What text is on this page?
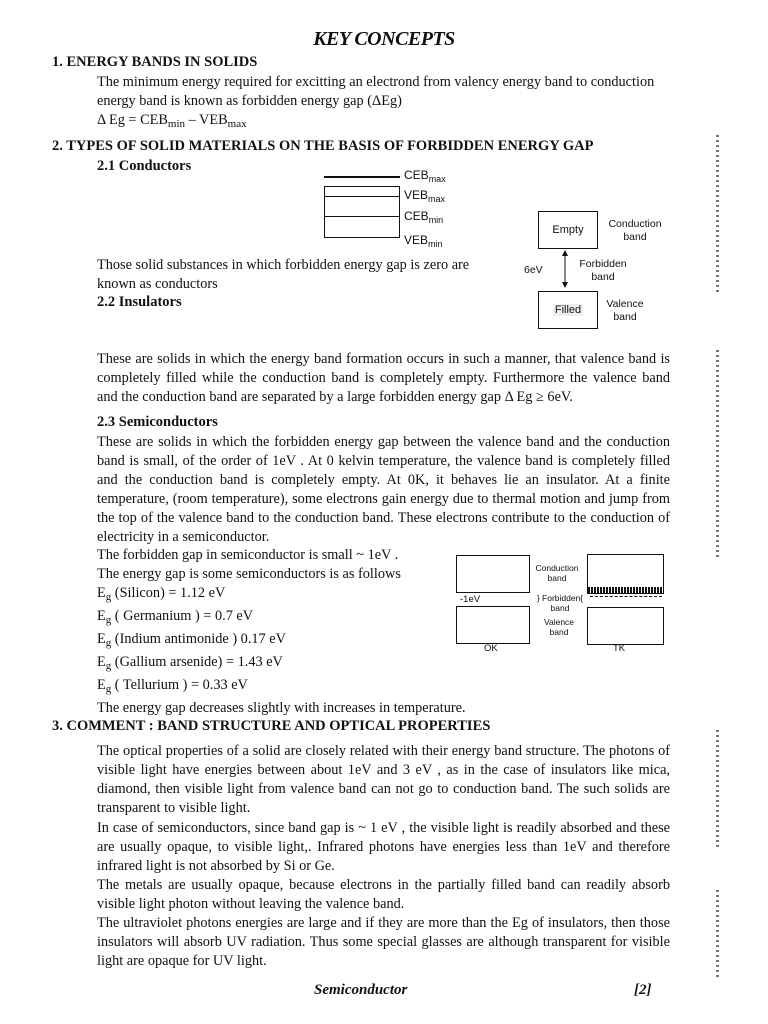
KEY CONCEPTS
1. ENERGY BANDS IN SOLIDS
The minimum energy required for excitting an electrond from valency energy band to conduction
energy band is known as forbidden energy gap (ΔEg)
Δ $Eg = CEB_{min} - VEB_{max}$
2. TYPES OF SOLID MATERIALS ON THE BASIS OF FORBIDDEN ENERGY GAP
2.1 Conductors
$CEB_{max}$
$VEB_{max}$
$CEB_{min}$
$VEB_{min}$
Empty	Conduction
band
6eV	Forbidden
band
Filled	Valence
band
Those solid substances in which forbidden energy gap is zero are
known as conductors
2.2 Insulators
These are solids in which the energy band formation occurs in such a manner, that valence band is completely filled while the conduction band is completely empty. Furthermore the valence band and the conduction band are separated by a large forbidden energy gap Δ Eg ≥ 6eV.
2.3 Semiconductors
These are solids in which the forbidden energy gap between the valence band and the conduction band is small, of the order of 1eV . At 0 kelvin temperature, the valence band is completely filled and the conduction band is completely empty. At 0K, it behaves lie an insulator. At a finite temperature, (room temperature), some electrons gain energy due to thermal motion and jump from the top of the valence band to the conduction band. These electrons contribute to the conduction of electricity in a semiconductor.
The forbidden gap in semiconductor is small ~ 1eV .
The energy gap is some semiconductors is as follows
$E_g$ (Silicon) = 1.12 eV
$E_g$ ( Germanium ) = 0.7 eV
$E_g$ (Indium antimonide ) 0.17 eV
$E_g$ (Gallium arsenide) = 1.43 eV
$E_g$ ( Tellurium ) = 0.33 eV
The energy gap decreases slightly with increases in temperature.
-1eV
OK
Conduction
band
} Forbidden{
band
Valence
band
TK
3. COMMENT : BAND STRUCTURE AND OPTICAL PROPERTIES
The optical properties of a solid are closely related with their energy band structure. The photons of visible light have energies between about 1eV and 3 eV , as in the case of insulators like mica, diamond, then visible light from valence band can not go to conduction band. The such solids are transparent to visible light.
In case of semiconductors, since band gap is ~ 1 eV , the visible light is readily absorbed and these are usually opaque, to visible light,. Infrared photons have energies less than 1eV and therefore infrared light is not absorbed by Si or Ge.
The metals are usually opaque, because electrons in the partially filled band can readily absorb visible light photon without leaving the valence band.
The ultraviolet photons energies are large and if they are more than the Eg of insulators, then those insulators will absorb UV radiation. Thus some special glasses are although transparent for visible light are opaque for UV light.
Semiconductor	[2]
